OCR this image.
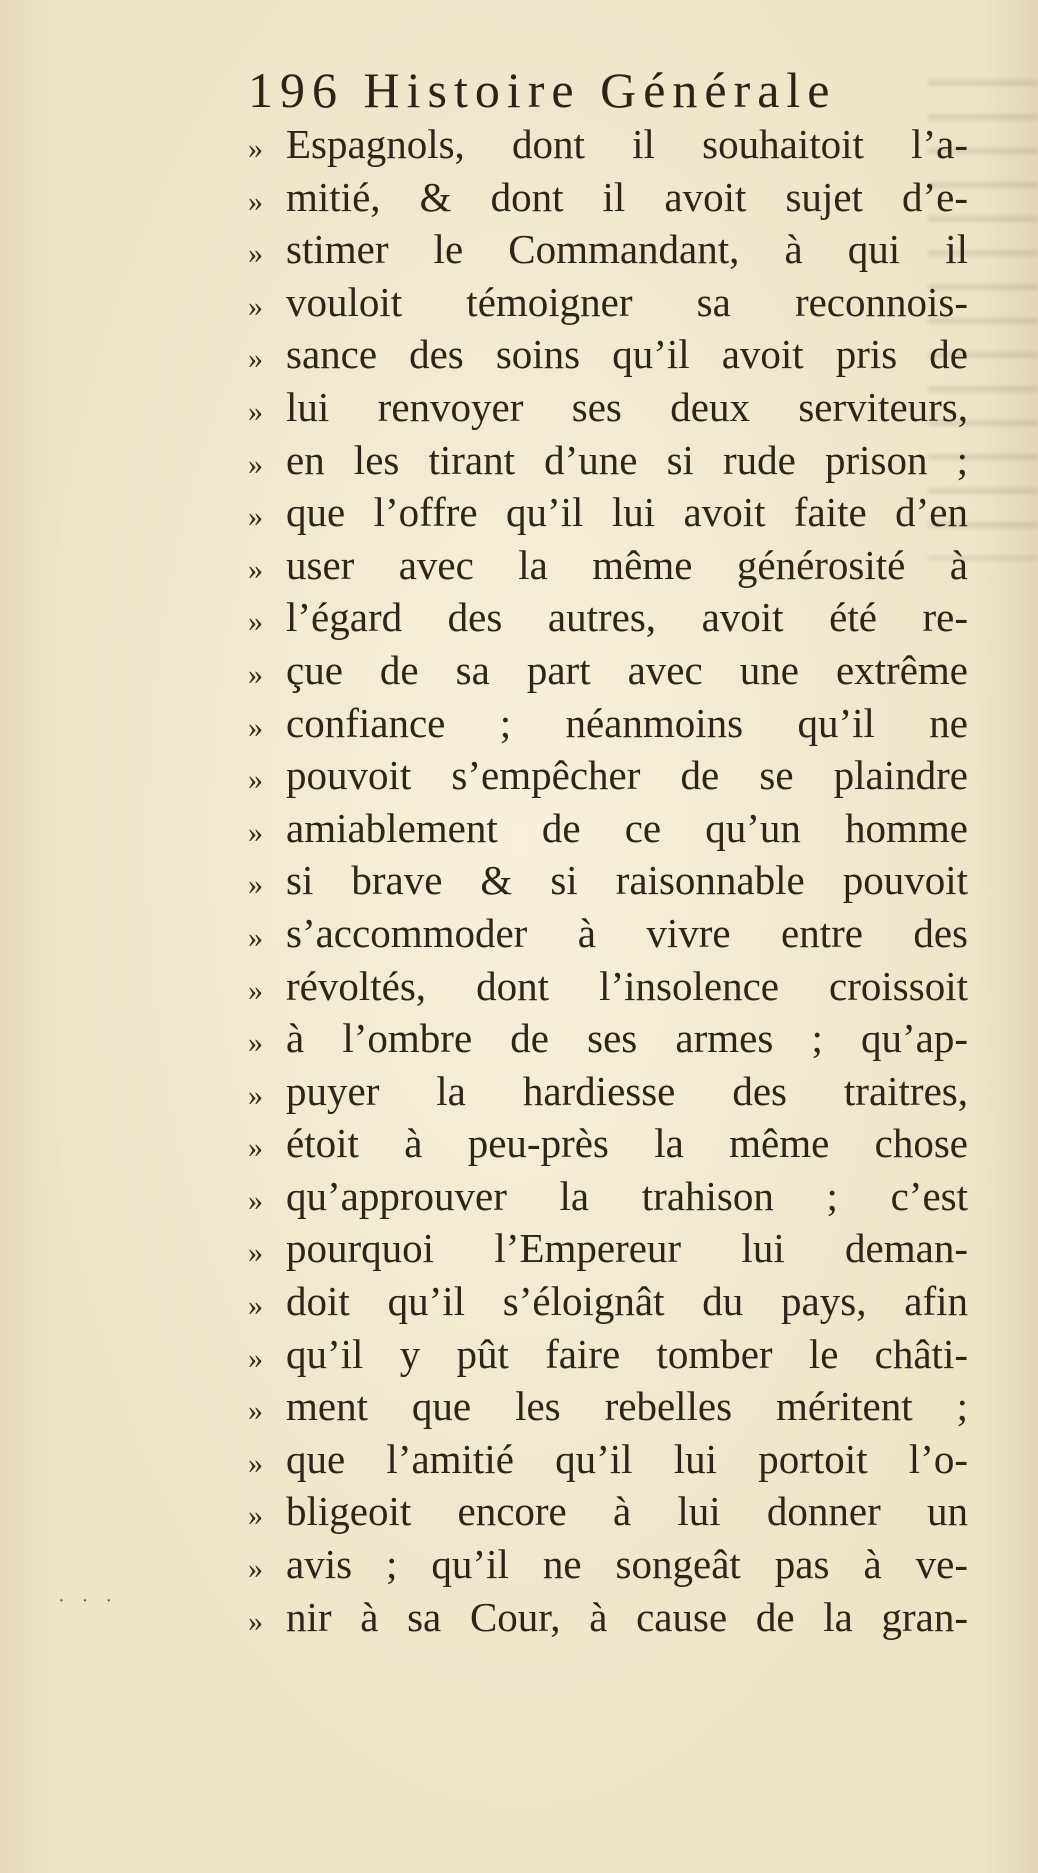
196 Histoire Générale
» Espagnols, dont il souhaitoit l’a-
» mitié, & dont il avoit sujet d’e-
» stimer le Commandant, à qui il
» vouloit témoigner sa reconnois-
» sance des soins qu’il avoit pris de
» lui renvoyer ses deux serviteurs,
» en les tirant d’une si rude prison ;
» que l’offre qu’il lui avoit faite d’en
» user avec la même générosité à
» l’égard des autres, avoit été re-
» çue de sa part avec une extrême
» confiance ; néanmoins qu’il ne
» pouvoit s’empêcher de se plaindre
» amiablement de ce qu’un homme
» si brave & si raisonnable pouvoit
» s’accommoder à vivre entre des
» révoltés, dont l’insolence croissoit
» à l’ombre de ses armes ; qu’ap-
» puyer la hardiesse des traitres,
» étoit à peu-près la même chose
» qu’approuver la trahison ; c’est
» pourquoi l’Empereur lui deman-
» doit qu’il s’éloignât du pays, afin
» qu’il y pût faire tomber le châti-
» ment que les rebelles méritent ;
» que l’amitié qu’il lui portoit l’o-
» bligeoit encore à lui donner un
» avis ; qu’il ne songeât pas à ve-
» nir à sa Cour, à cause de la gran-
· · ·
